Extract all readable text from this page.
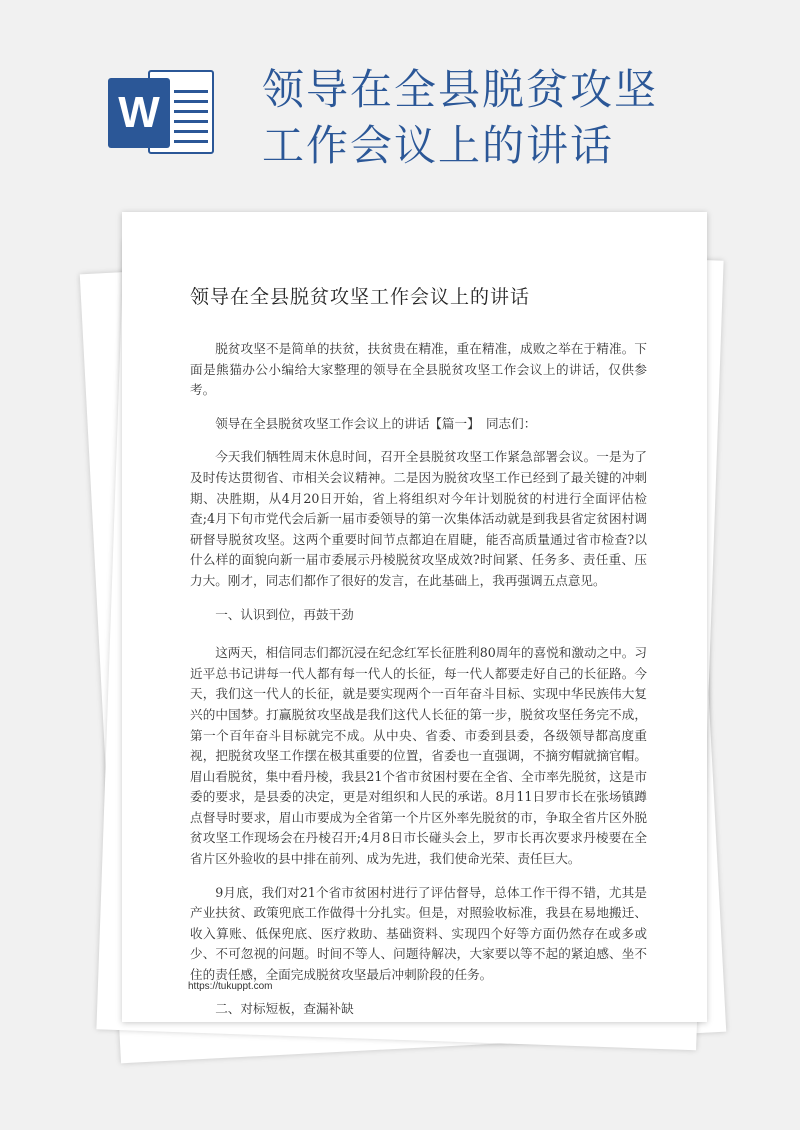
W 领导在全县脱贫攻坚工作会议上的讲话
领导在全县脱贫攻坚工作会议上的讲话

脱贫攻坚不是简单的扶贫，扶贫贵在精准，重在精准，成败之举在于精准。下面是熊猫办公小编给大家整理的领导在全县脱贫攻坚工作会议上的讲话，仅供参考。

领导在全县脱贫攻坚工作会议上的讲话【篇一】　同志们：

今天我们牺牲周末休息时间，召开全县脱贫攻坚工作紧急部署会议。一是为了及时传达贯彻省、市相关会议精神。二是因为脱贫攻坚工作已经到了最关键的冲刺期、决胜期，从4月20日开始，省上将组织对今年计划脱贫的村进行全面评估检查;4月下旬市党代会后新一届市委领导的第一次集体活动就是到我县省定贫困村调研督导脱贫攻坚。这两个重要时间节点都迫在眉睫，能否高质量通过省市检查?以什么样的面貌向新一届市委展示丹棱脱贫攻坚成效?时间紧、任务多、责任重、压力大。刚才，同志们都作了很好的发言，在此基础上，我再强调五点意见。

一、认识到位，再鼓干劲

这两天，相信同志们都沉浸在纪念红军长征胜利80周年的喜悦和激动之中。习近平总书记讲每一代人都有每一代人的长征，每一代人都要走好自己的长征路。今天，我们这一代人的长征，就是要实现两个一百年奋斗目标、实现中华民族伟大复兴的中国梦。打赢脱贫攻坚战是我们这代人长征的第一步，脱贫攻坚任务完不成，第一个百年奋斗目标就完不成。从中央、省委、市委到县委，各级领导都高度重视，把脱贫攻坚工作摆在极其重要的位置，省委也一直强调，不摘穷帽就摘官帽。眉山看脱贫，集中看丹棱，我县21个省市贫困村要在全省、全市率先脱贫，这是市委的要求，是县委的决定，更是对组织和人民的承诺。8月11日罗市长在张场镇蹲点督导时要求，眉山市要成为全省第一个片区外率先脱贫的市，争取全省片区外脱贫攻坚工作现场会在丹棱召开;4月8日市长碰头会上，罗市长再次要求丹棱要在全省片区外验收的县中排在前列、成为先进，我们使命光荣、责任巨大。

9月底，我们对21个省市贫困村进行了评估督导，总体工作干得不错，尤其是产业扶贫、政策兜底工作做得十分扎实。但是，对照验收标准，我县在易地搬迁、收入算账、低保兜底、医疗救助、基础资料、实现四个好等方面仍然存在或多或少、不可忽视的问题。时间不等人、问题待解决，大家要以等不起的紧迫感、坐不住的责任感，全面完成脱贫攻坚最后冲刺阶段的任务。

二、对标短板，查漏补缺

https://tukuppt.com
